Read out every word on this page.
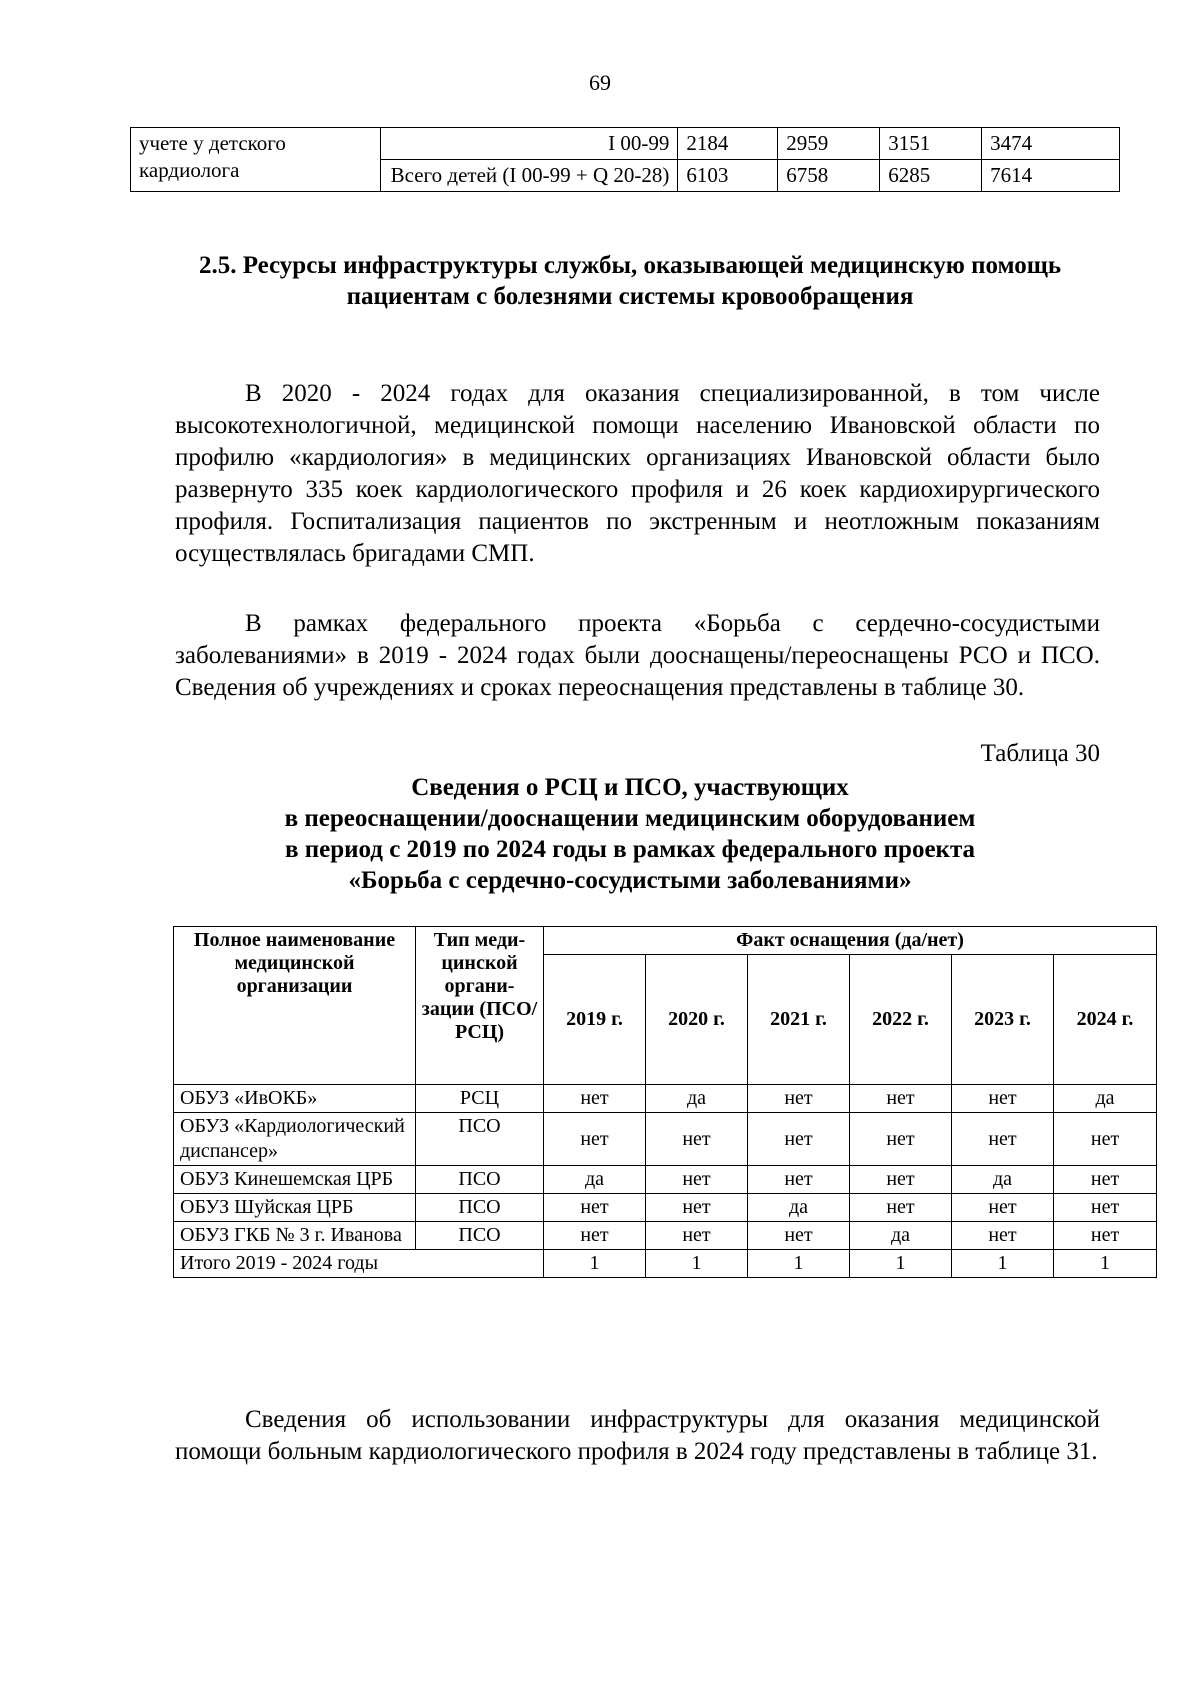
69
учете у детского
кардиолога	I 00-99	2184	2959	3151	3474
	Всего детей (I 00-99 + Q 20-28)	6103	6758	6285	7614
2.5. Ресурсы инфраструктуры службы, оказывающей медицинскую помощь пациентам с болезнями системы кровообращения

В 2020 - 2024 годах для оказания специализированной, в том числе высокотехнологичной, медицинской помощи населению Ивановской области по профилю «кардиология» в медицинских организациях Ивановской области было развернуто 335 коек кардиологического профиля и 26 коек кардиохирургического профиля. Госпитализация пациентов по экстренным и неотложным показаниям осуществлялась бригадами СМП.

В рамках федерального проекта «Борьба с сердечно-сосудистыми заболеваниями» в 2019 - 2024 годах были дооснащены/переоснащены РСО и ПСО. Сведения об учреждениях и сроках переоснащения представлены в таблице 30.

Таблица 30
Сведения о РСЦ и ПСО, участвующих
в переоснащении/дооснащении медицинским оборудованием
в период с 2019 по 2024 годы в рамках федерального проекта
«Борьба с сердечно-сосудистыми заболеваниями»
Полное наименование медицинской организации	Тип меди-цинской органи-зации (ПСО/ РСЦ)	Факт оснащения (да/нет)					
		2019 г.	2020 г.	2021 г.	2022 г.	2023 г.	2024 г.
ОБУЗ «ИвОКБ»	РСЦ	нет	да	нет	нет	нет	да
ОБУЗ «Кардиологический диспансер»	ПСО	нет	нет	нет	нет	нет	нет
ОБУЗ Кинешемская ЦРБ	ПСО	да	нет	нет	нет	да	нет
ОБУЗ Шуйская ЦРБ	ПСО	нет	нет	да	нет	нет	нет
ОБУЗ ГКБ № 3 г. Иванова	ПСО	нет	нет	нет	да	нет	нет
Итого 2019 - 2024 годы		1	1	1	1	1	1

Сведения об использовании инфраструктуры для оказания медицинской помощи больным кардиологического профиля в 2024 году представлены в таблице 31.
